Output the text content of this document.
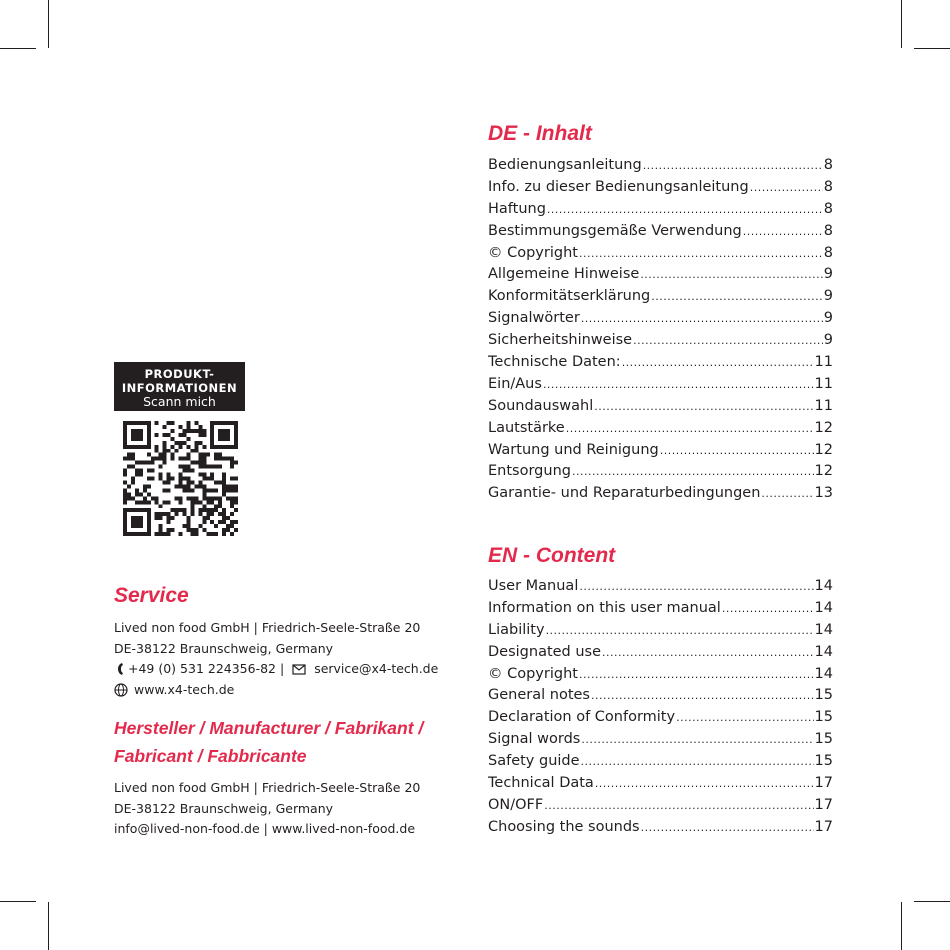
PRODUKT-
INFORMATIONEN
Scann mich
Service
Lived non food GmbH | Friedrich-Seele-Straße 20
DE-38122 Braunschweig, Germany
+49 (0) 531 224356-82 | service@x4-tech.de
www.x4-tech.de
Hersteller / Manufacturer / Fabrikant /
Fabricant / Fabbricante
Lived non food GmbH | Friedrich-Seele-Straße 20
DE-38122 Braunschweig, Germany
info@lived-non-food.de | www.lived-non-food.de
DE - Inhalt
Bedienungsanleitung .....	8
Info. zu dieser Bedienungsanleitung .....	8
Haftung .....	8
Bestimmungsgemäße Verwendung .....	8
© Copyright .....	8
Allgemeine Hinweise .....	9
Konformitätserklärung .....	9
Signalwörter .....	9
Sicherheitshinweise .....	9
Technische Daten: .....	11
Ein/Aus .....	11
Soundauswahl .....	11
Lautstärke .....	12
Wartung und Reinigung .....	12
Entsorgung .....	12
Garantie- und Reparaturbedingungen .....	13
EN - Content
User Manual .....	14
Information on this user manual .....	14
Liability .....	14
Designated use .....	14
© Copyright .....	14
General notes .....	15
Declaration of Conformity .....	15
Signal words .....	15
Safety guide .....	15
Technical Data .....	17
ON/OFF .....	17
Choosing the sounds .....	17
